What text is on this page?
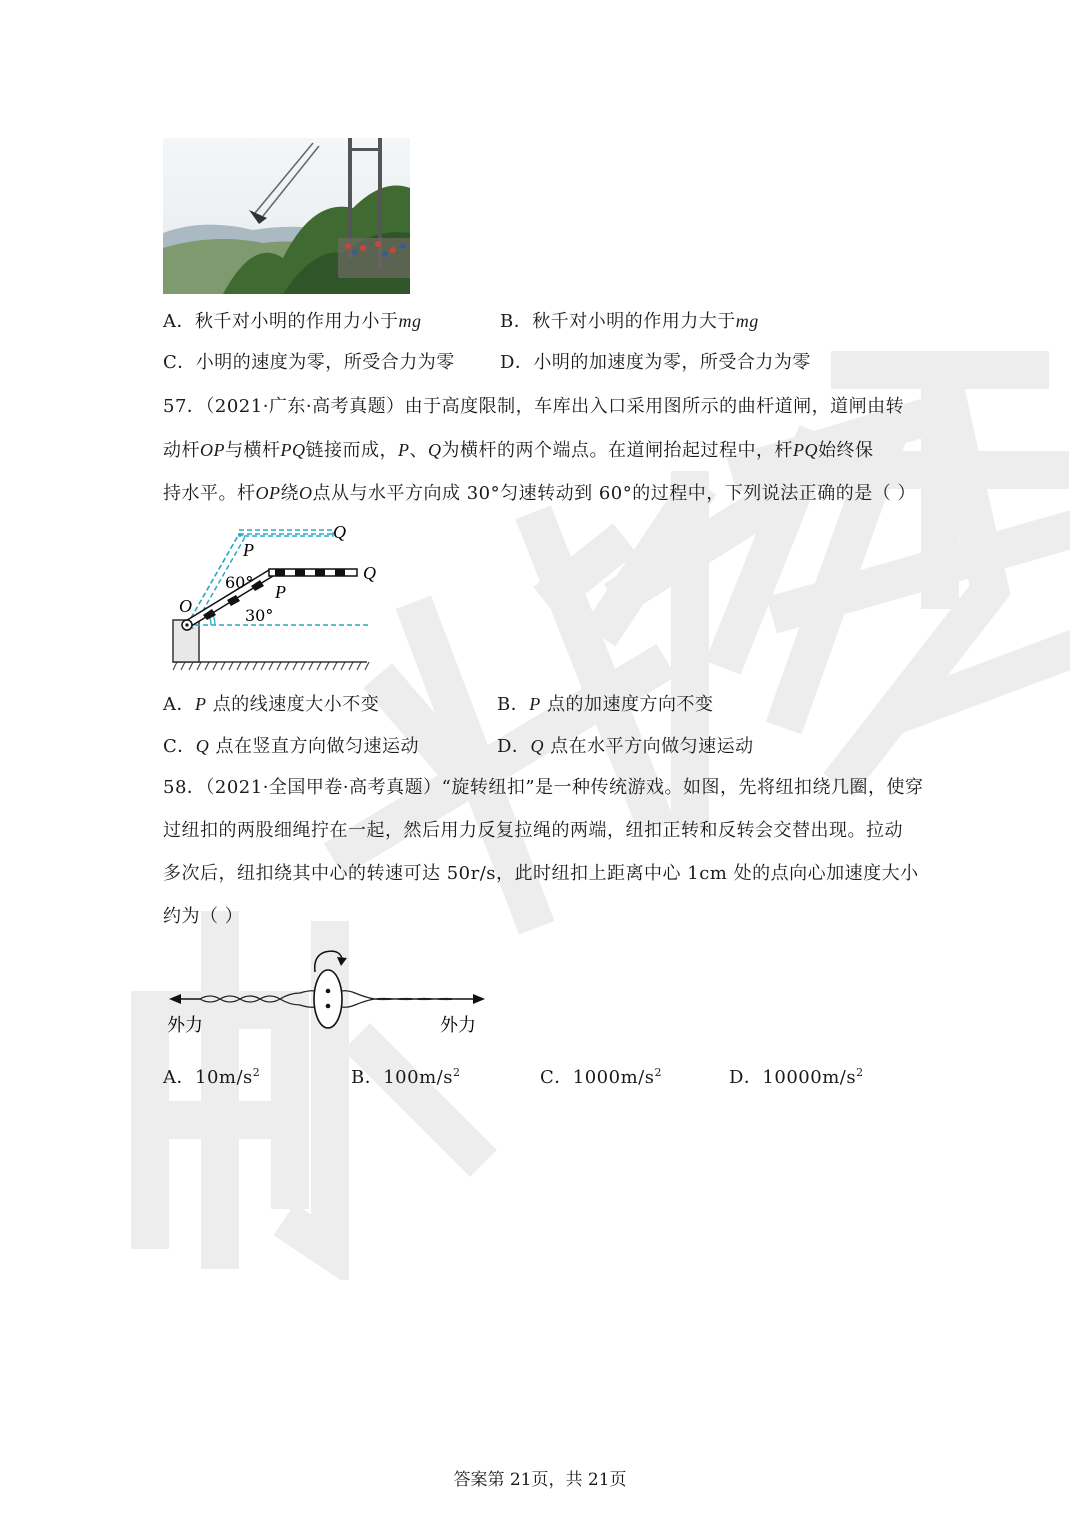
A．秋千对小明的作用力小于mg	B．秋千对小明的作用力大于mg
C．小明的速度为零，所受合力为零	D．小明的加速度为零，所受合力为零
57．（2021·广东·高考真题）由于高度限制，车库出入口采用图所示的曲杆道闸，道闸由转
动杆OP与横杆PQ链接而成，P、Q为横杆的两个端点。在道闸抬起过程中，杆PQ始终保
持水平。杆OP绕O点从与水平方向成 30°匀速转动到 60°的过程中，下列说法正确的是（ ）
Q
P
60°	Q
P
O	30°
A．P 点的线速度大小不变	B．P 点的加速度方向不变
C．Q 点在竖直方向做匀速运动	D．Q 点在水平方向做匀速运动
58．（2021·全国甲卷·高考真题）“旋转纽扣”是一种传统游戏。如图，先将纽扣绕几圈，使穿
过纽扣的两股细绳拧在一起，然后用力反复拉绳的两端，纽扣正转和反转会交替出现。拉动
多次后，纽扣绕其中心的转速可达 50r/s，此时纽扣上距离中心 1cm 处的点向心加速度大小
约为（ ）
外力	外力
A．$10m/s^2$	B．$100m/s^2$	C．$1000m/s^2$	D．$10000m/s^2$
答案第 21页，共 21页
